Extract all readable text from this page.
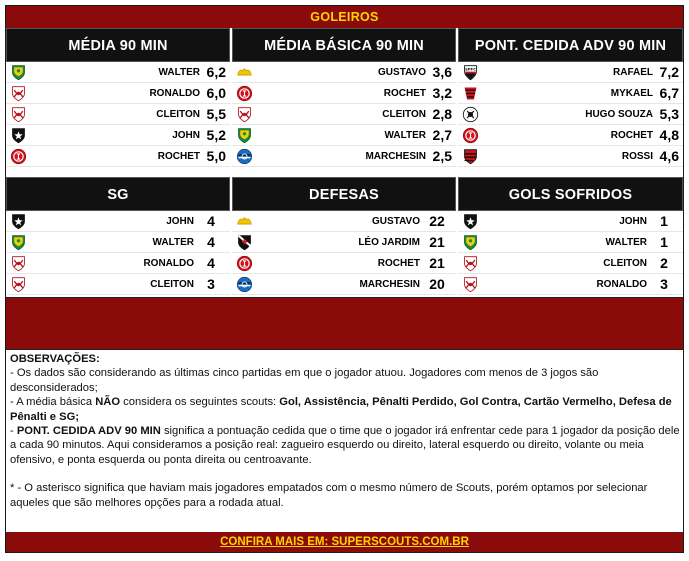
GOLEIROS
MÉDIA 90 MIN
WALTER 6,2
RONALDO 6,0
CLEITON 5,5
JOHN 5,2
ROCHET 5,0
MÉDIA BÁSICA 90 MIN
GUSTAVO 3,6
ROCHET 3,2
CLEITON 2,8
WALTER 2,7
MARCHESIN 2,5
PONT. CEDIDA ADV 90 MIN
SPFC	RAFAEL 7,2
MYKAEL 6,7
HUGO SOUZA 5,3
ROCHET 4,8
ROSSI 4,6
SG
JOHN 4
WALTER 4
RONALDO 4
CLEITON 3
DEFESAS
GUSTAVO 22
LÉO JARDIM 21
ROCHET 21
MARCHESIN 20
GOLS SOFRIDOS
JOHN 1
WALTER 1
CLEITON 2
RONALDO 3
OBSERVAÇÕES:
- Os dados são considerando as últimas cinco partidas em que o jogador atuou. Jogadores com menos de 3 jogos são desconsiderados;
- A média básica NÃO considera os seguintes scouts: Gol, Assistência, Pênalti Perdido, Gol Contra, Cartão Vermelho, Defesa de Pênalti e SG;
- PONT. CEDIDA ADV 90 MIN significa a pontuação cedida que o time que o jogador irá enfrentar cede para 1 jogador da posição dele a cada 90 minutos. Aqui consideramos a posição real: zagueiro esquerdo ou direito, lateral esquerdo ou direito, volante ou meia ofensivo, e ponta esquerda ou ponta direita ou centroavante.
* - O asterisco significa que haviam mais jogadores empatados com o mesmo número de Scouts, porém optamos por selecionar aqueles que são melhores opções para a rodada atual.
CONFIRA MAIS EM: SUPERSCOUTS.COM.BR
